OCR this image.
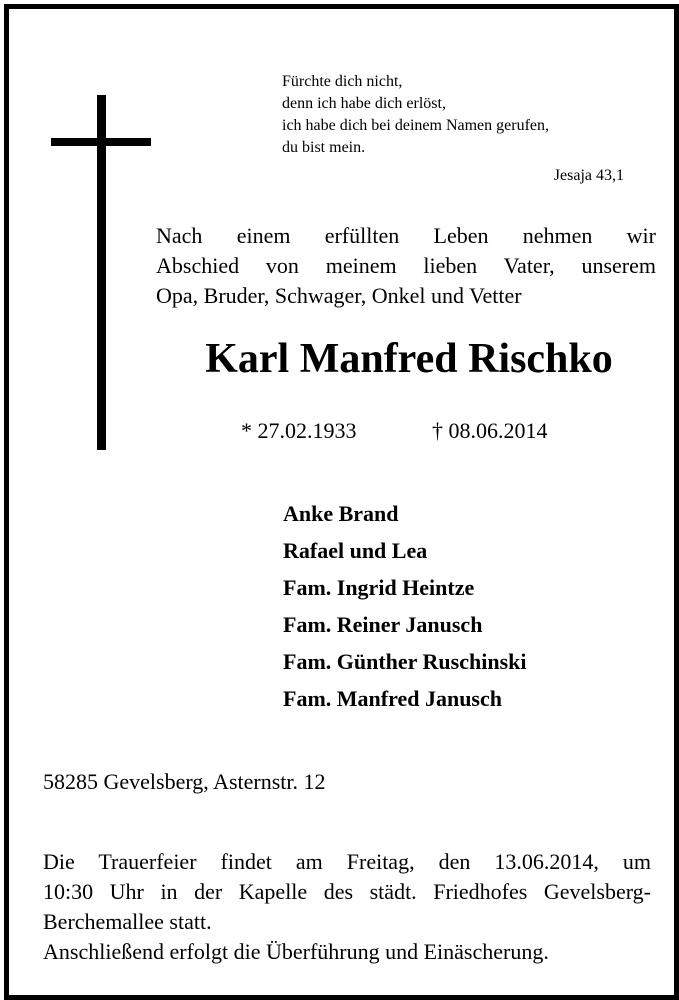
Fürchte dich nicht,
denn ich habe dich erlöst,
ich habe dich bei deinem Namen gerufen,
du bist mein.
Jesaja 43,1
Nach einem erfüllten Leben nehmen wir
Abschied von meinem lieben Vater, unserem
Opa, Bruder, Schwager, Onkel und Vetter
Karl Manfred Rischko
* 27.02.1933	† 08.06.2014
Anke Brand
Rafael und Lea
Fam. Ingrid Heintze
Fam. Reiner Janusch
Fam. Günther Ruschinski
Fam. Manfred Janusch
58285 Gevelsberg, Asternstr. 12
Die Trauerfeier findet am Freitag, den 13.06.2014, um
10:30 Uhr in der Kapelle des städt. Friedhofes Gevelsberg-
Berchemallee statt.
Anschließend erfolgt die Überführung und Einäscherung.
